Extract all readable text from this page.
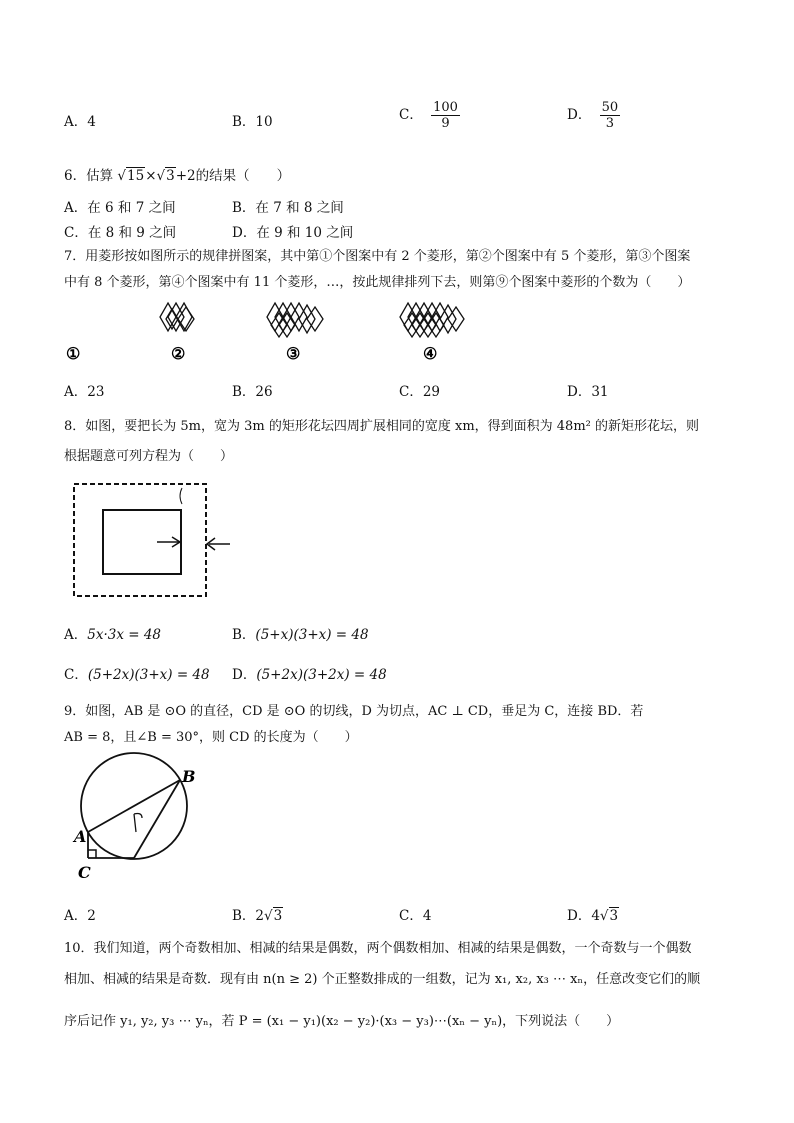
A．4	B．10	C． $\frac{100}{9}$	D． $\frac{50}{3}$
6．估算 √15×√3+2的结果（　　）
A．在 6 和 7 之间	B．在 7 和 8 之间
C．在 8 和 9 之间	D．在 9 和 10 之间
7．用菱形按如图所示的规律拼图案，其中第①个图案中有 2 个菱形，第②个图案中有 5 个菱形，第③个图案
中有 8 个菱形，第④个图案中有 11 个菱形，…，按此规律排列下去，则第⑨个图案中菱形的个数为（　　）
①	②	③	④
A．23	B．26	C．29	D．31
8．如图，要把长为 5m，宽为 3m 的矩形花坛四周扩展相同的宽度 xm，得到面积为 48m² 的新矩形花坛，则
根据题意可列方程为（　　）
A．5x·3x = 48	B．(5+x)(3+x) = 48
C．(5+2x)(3+x) = 48 D．(5+2x)(3+2x) = 48
9．如图，AB 是 ⊙O 的直径，CD 是 ⊙O 的切线，D 为切点，AC ⊥ CD，垂足为 C，连接 BD．若
AB = 8，且∠B = 30°，则 CD 的长度为（　　）
B
A
C
A．2	B．2√3	C．4	D．4√3
10．我们知道，两个奇数相加、相减的结果是偶数，两个偶数相加、相减的结果是偶数，一个奇数与一个偶数
相加、相减的结果是奇数．现有由 n(n ≥ 2) 个正整数排成的一组数，记为 x₁, x₂, x₃ ⋯ xₙ，任意改变它们的顺
序后记作 y₁, y₂, y₃ ⋯ yₙ，若 P = (x₁ − y₁)(x₂ − y₂)·(x₃ − y₃)⋯(xₙ − yₙ)，下列说法（　　）
